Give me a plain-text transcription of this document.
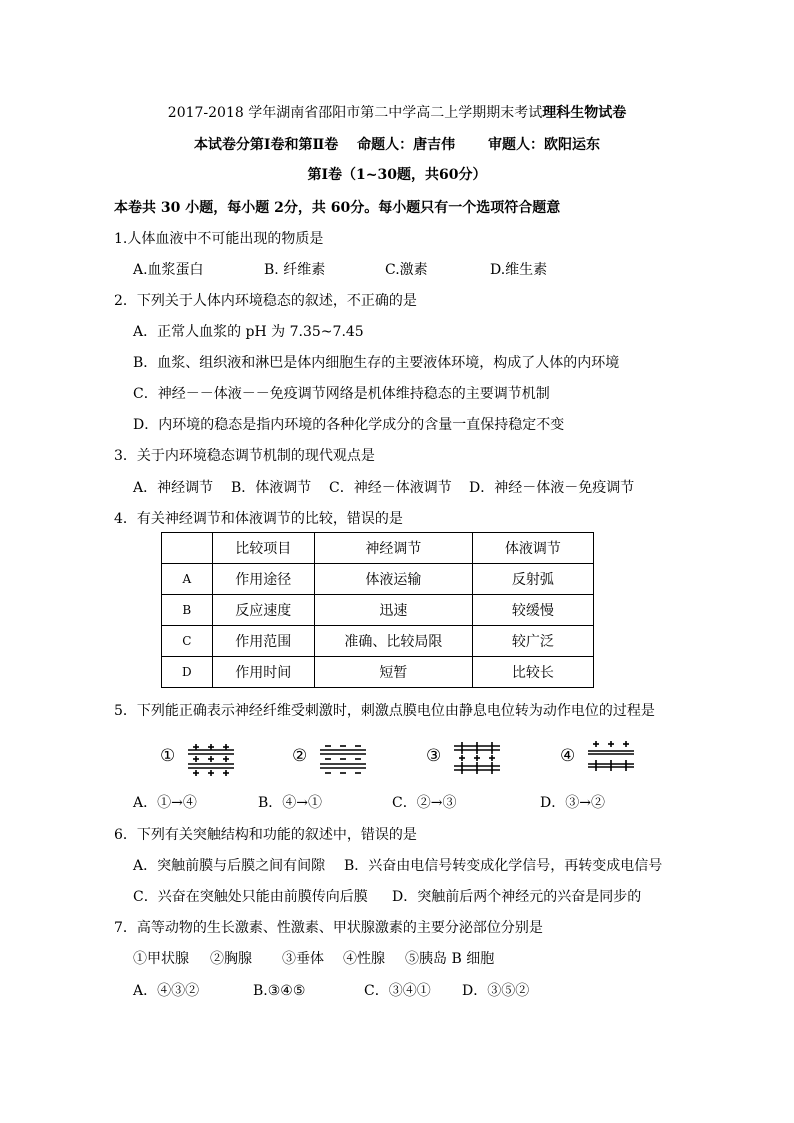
2017-2018 学年湖南省邵阳市第二中学高二上学期期末考试理科生物试卷
本试卷分第Ⅰ卷和第Ⅱ卷　 命题人：唐吉伟　　 审题人：欧阳运东
第Ⅰ卷（1~30题，共60分）
本卷共 30 小题，每小题 2分，共 60分。每小题只有一个选项符合题意
1.人体血液中不可能出现的物质是
A.血浆蛋白	B. 纤维素	C.激素	D.维生素
2．下列关于人体内环境稳态的叙述，不正确的是
A．正常人血浆的 pH 为 7.35~7.45
B．血浆、组织液和淋巴是体内细胞生存的主要液体环境，构成了人体的内环境
C．神经－－体液－－免疫调节网络是机体维持稳态的主要调节机制
D．内环境的稳态是指内环境的各种化学成分的含量一直保持稳定不变
3．关于内环境稳态调节机制的现代观点是
A．神经调节 B．体液调节 C．神经－体液调节 D．神经－体液－免疫调节
4．有关神经调节和体液调节的比较，错误的是
	比较项目	神经调节	体液调节
A	作用途径	体液运输	反射弧
B	反应速度	迅速	较缓慢
C	作用范围	准确、比较局限	较广泛
D	作用时间	短暂	比较长
5．下列能正确表示神经纤维受刺激时，刺激点膜电位由静息电位转为动作电位的过程是
①	②	③	④
A．①→④	B．④→①	C．②→③	D．③→②
6．下列有关突触结构和功能的叙述中，错误的是
A．突触前膜与后膜之间有间隙 B．兴奋由电信号转变成化学信号，再转变成电信号
C．兴奋在突触处只能由前膜传向后膜 D．突触前后两个神经元的兴奋是同步的
7．高等动物的生长激素、性激素、甲状腺激素的主要分泌部位分别是
①甲状腺 ②胸腺 ③垂体 ④性腺 ⑤胰岛 B 细胞
A．④③②	B.③④⑤	C．③④① D．③⑤②
